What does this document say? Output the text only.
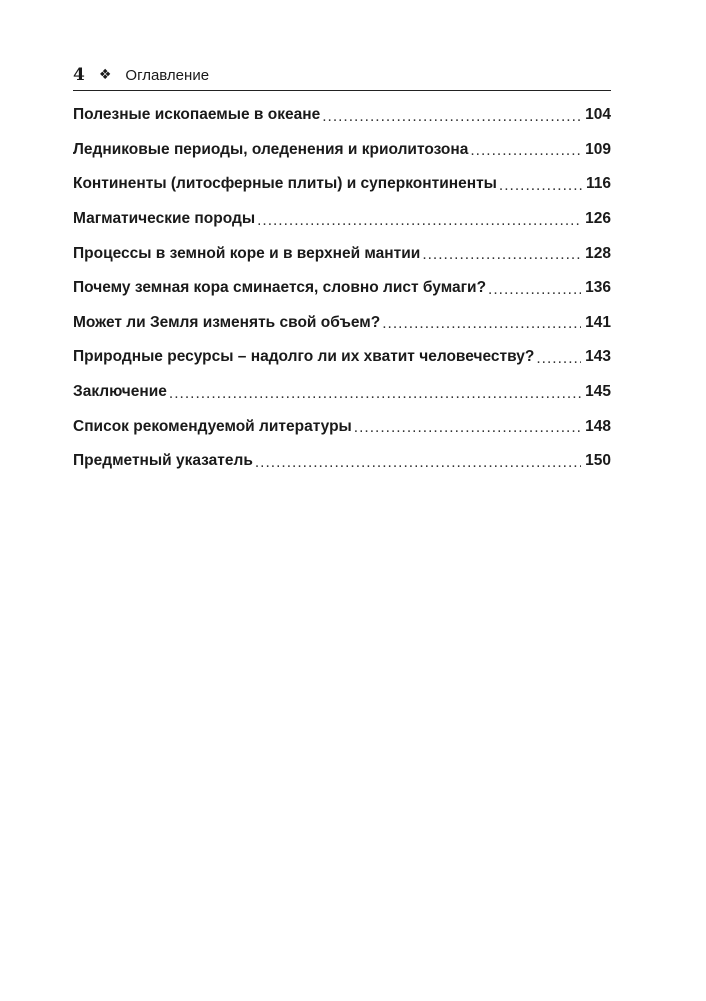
4 ❖ Оглавление
Полезные ископаемые в океане .....	104
Ледниковые периоды, оледенения и криолитозона .....	109
Континенты (литосферные плиты) и суперконтиненты .....	116
Магматические породы .....	126
Процессы в земной коре и в верхней мантии .....	128
Почему земная кора сминается, словно лист бумаги? .....	136
Может ли Земля изменять свой объем? .....	141
Природные ресурсы – надолго ли их хватит человечеству? .....	143
Заключение .....	145
Список рекомендуемой литературы .....	148
Предметный указатель .....	150
